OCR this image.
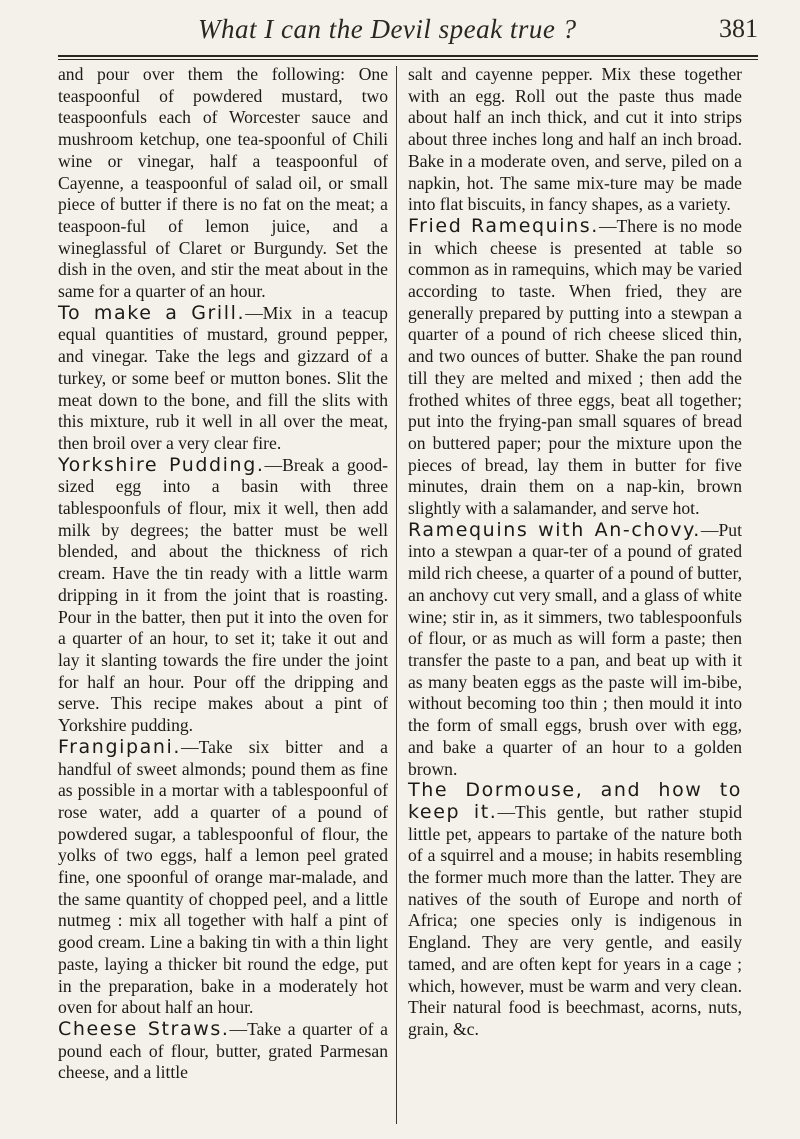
What I can the Devil speak true ?	381

and pour over them the following: One teaspoonful of powdered mustard, two teaspoonfuls each of Worcester sauce and mushroom ketchup, one tea-spoonful of Chili wine or vinegar, half a teaspoonful of Cayenne, a teaspoonful of salad oil, or small piece of butter if there is no fat on the meat; a teaspoon-ful of lemon juice, and a wineglassful of Claret or Burgundy. Set the dish in the oven, and stir the meat about in the same for a quarter of an hour.

To make a Grill.—Mix in a teacup equal quantities of mustard, ground pepper, and vinegar. Take the legs and gizzard of a turkey, or some beef or mutton bones. Slit the meat down to the bone, and fill the slits with this mixture, rub it well in all over the meat, then broil over a very clear fire.

Yorkshire Pudding.—Break a good-sized egg into a basin with three tablespoonfuls of flour, mix it well, then add milk by degrees; the batter must be well blended, and about the thickness of rich cream. Have the tin ready with a little warm dripping in it from the joint that is roasting. Pour in the batter, then put it into the oven for a quarter of an hour, to set it; take it out and lay it slanting towards the fire under the joint for half an hour. Pour off the dripping and serve. This recipe makes about a pint of Yorkshire pudding.

Frangipani.—Take six bitter and a handful of sweet almonds; pound them as fine as possible in a mortar with a tablespoonful of rose water, add a quarter of a pound of powdered sugar, a tablespoonful of flour, the yolks of two eggs, half a lemon peel grated fine, one spoonful of orange mar-malade, and the same quantity of chopped peel, and a little nutmeg : mix all together with half a pint of good cream. Line a baking tin with a thin light paste, laying a thicker bit round the edge, put in the preparation, bake in a moderately hot oven for about half an hour.

Cheese Straws.—Take a quarter of a pound each of flour, butter, grated Parmesan cheese, and a little

salt and cayenne pepper. Mix these together with an egg. Roll out the paste thus made about half an inch thick, and cut it into strips about three inches long and half an inch broad. Bake in a moderate oven, and serve, piled on a napkin, hot. The same mix-ture may be made into flat biscuits, in fancy shapes, as a variety.

Fried Ramequins.—There is no mode in which cheese is presented at table so common as in ramequins, which may be varied according to taste. When fried, they are generally prepared by putting into a stewpan a quarter of a pound of rich cheese sliced thin, and two ounces of butter. Shake the pan round till they are melted and mixed ; then add the frothed whites of three eggs, beat all together; put into the frying-pan small squares of bread on buttered paper; pour the mixture upon the pieces of bread, lay them in butter for five minutes, drain them on a nap-kin, brown slightly with a salamander, and serve hot.

Ramequins with An-chovy.—Put into a stewpan a quar-ter of a pound of grated mild rich cheese, a quarter of a pound of butter, an anchovy cut very small, and a glass of white wine; stir in, as it simmers, two tablespoonfuls of flour, or as much as will form a paste; then transfer the paste to a pan, and beat up with it as many beaten eggs as the paste will im-bibe, without becoming too thin ; then mould it into the form of small eggs, brush over with egg, and bake a quarter of an hour to a golden brown.

The Dormouse, and how to keep it.—This gentle, but rather stupid little pet, appears to partake of the nature both of a squirrel and a mouse; in habits resembling the former much more than the latter. They are natives of the south of Europe and north of Africa; one species only is indigenous in England. They are very gentle, and easily tamed, and are often kept for years in a cage ; which, however, must be warm and very clean. Their natural food is beechmast, acorns, nuts, grain, &c.
